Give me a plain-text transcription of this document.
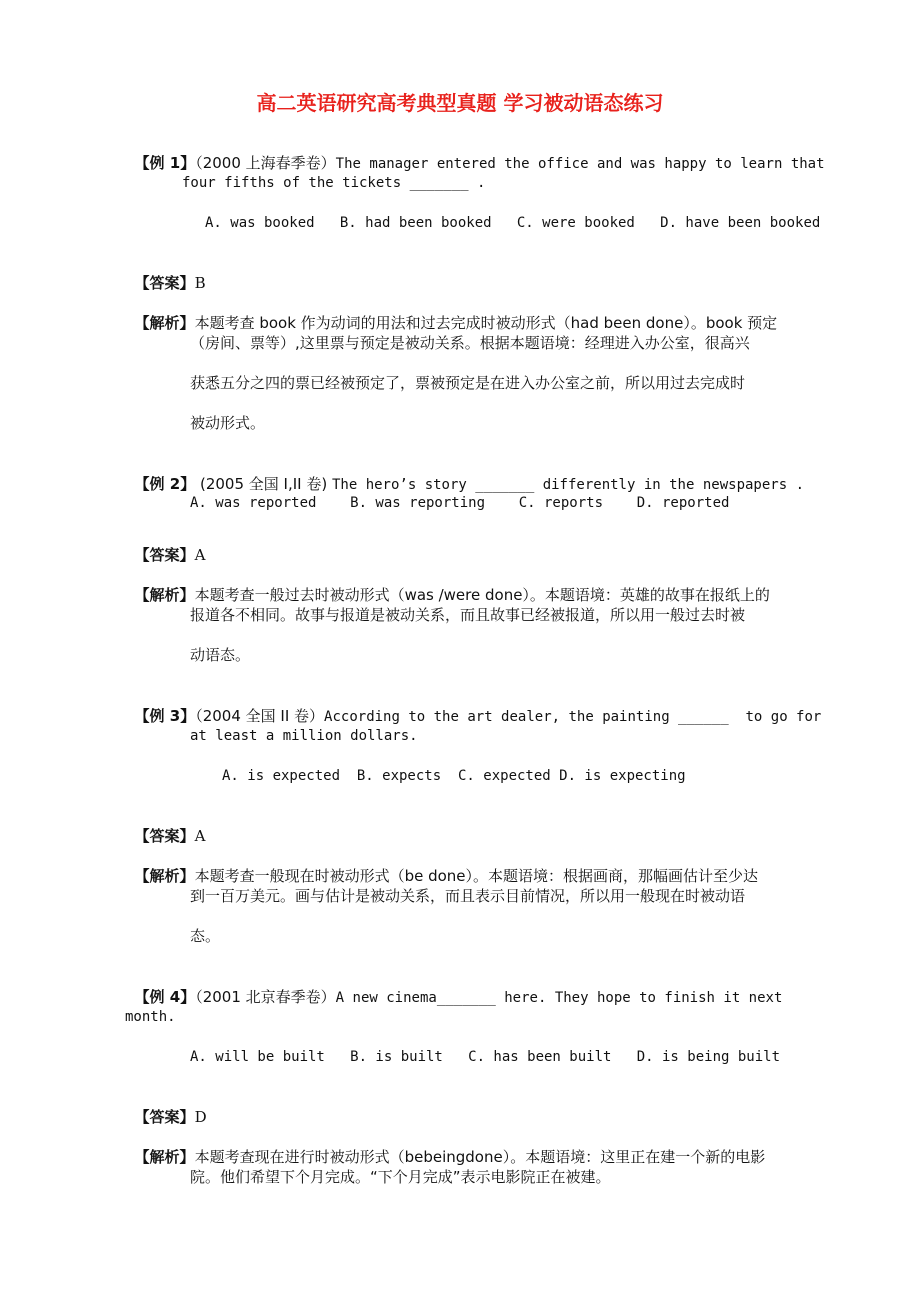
高二英语研究高考典型真题 学习被动语态练习

【例 1】（2000 上海春季卷）The manager entered the office and was happy to learn that

four fifths of the tickets _______ .
A. was booked   B. had been booked   C. were booked   D. have been booked

【答案】B

【解析】本题考查 book 作为动词的用法和过去完成时被动形式（had been done）。book 预定

（房间、票等）,这里票与预定是被动关系。根据本题语境：经理进入办公室，很高兴
获悉五分之四的票已经被预定了，票被预定是在进入办公室之前，所以用过去完成时
被动形式。

【例 2】 (2005 全国 I,II 卷) The hero’s story _______ differently in the newspapers .

A. was reported    B. was reporting    C. reports    D. reported

【答案】A

【解析】本题考查一般过去时被动形式（was /were done）。本题语境：英雄的故事在报纸上的

报道各不相同。故事与报道是被动关系，而且故事已经被报道，所以用一般过去时被
动语态。

【例 3】（2004 全国 II 卷）According to the art dealer, the painting ______  to go for

at least a million dollars.
A. is expected  B. expects  C. expected D. is expecting

【答案】A

【解析】本题考查一般现在时被动形式（be done）。本题语境：根据画商，那幅画估计至少达

到一百万美元。画与估计是被动关系，而且表示目前情况，所以用一般现在时被动语
态。

【例 4】（2001 北京春季卷）A new cinema_______ here. They hope to finish it next

month.
A. will be built   B. is built   C. has been built   D. is being built

【答案】D

【解析】本题考查现在进行时被动形式（bebeingdone）。本题语境：这里正在建一个新的电影

院。他们希望下个月完成。“下个月完成”表示电影院正在被建。
